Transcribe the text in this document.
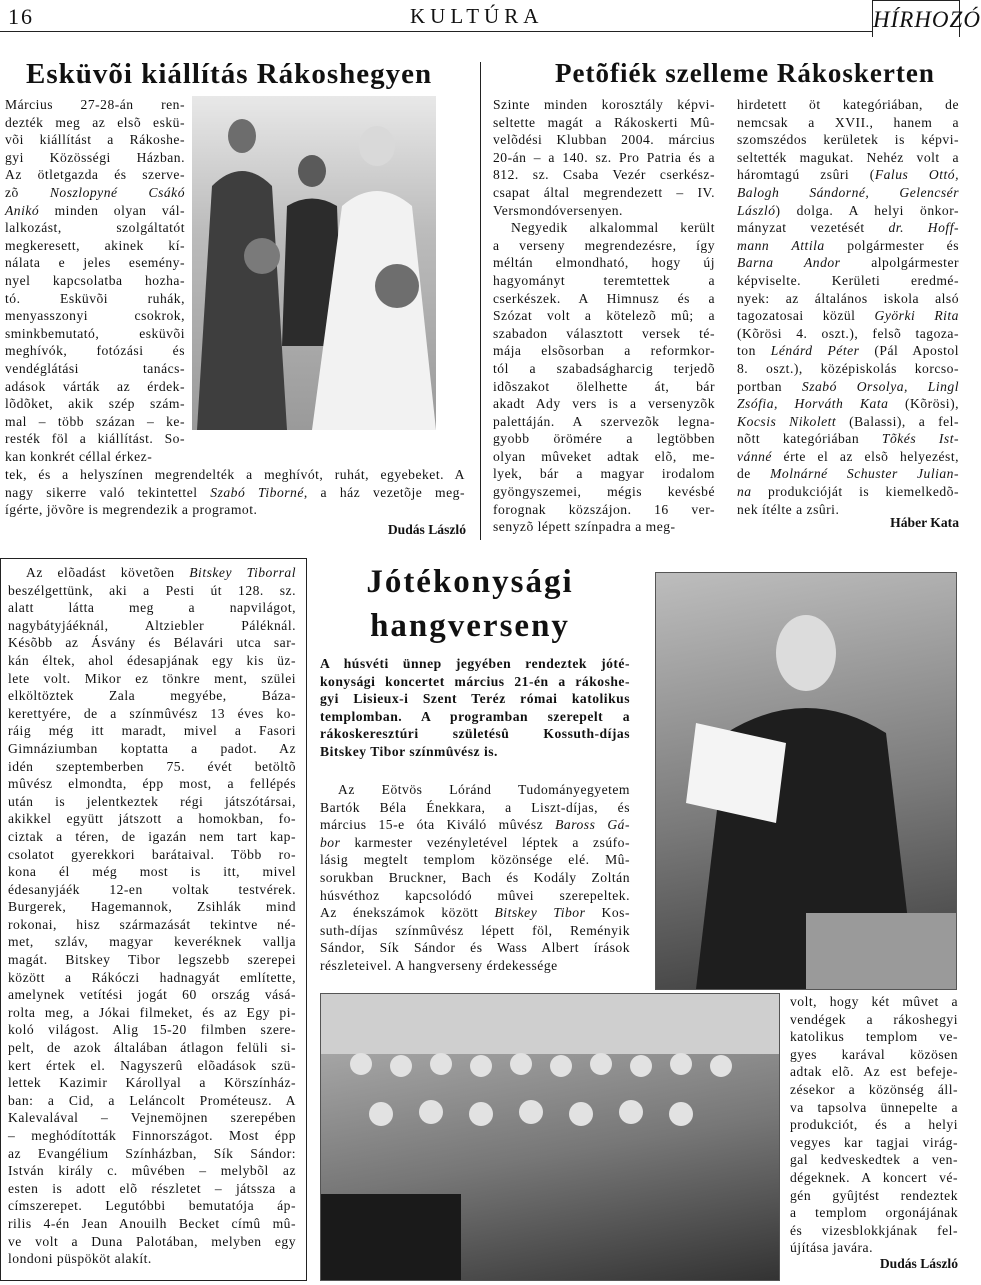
16	KULTÚRA	HÍRHOZÓ
Esküvõi kiállítás Rákoshegyen
Március 27-28-án ren-
dezték meg az elsõ eskü-
või kiállítást a Rákoshe-
gyi Közösségi Házban.
Az ötletgazda és szerve-
zõ Noszlopyné Csákó
Anikó minden olyan vál-
lalkozást, szolgáltatót
megkeresett, akinek kí-
nálata e jeles esemény-
nyel kapcsolatba hozha-
tó. Esküvõi ruhák,
menyasszonyi csokrok,
sminkbemutató, esküvõi
meghívók, fotózási és
vendéglátási tanács-
adások várták az érdek-
lõdõket, akik szép szám-
mal – több százan – ke-
resték föl a kiállítást. So-
kan konkrét céllal érkez-
tek, és a helyszínen megrendelték a meghívót, ruhát, egyebeket. A
nagy sikerre való tekintettel Szabó Tiborné, a ház vezetõje meg-
ígérte, jövõre is megrendezik a programot.
Dudás László
Petõfiék szelleme Rákoskerten
Szinte minden korosztály képvi-
seltette magát a Rákoskerti Mû-
velõdési Klubban 2004. március
20-án – a 140. sz. Pro Patria és a
812. sz. Csaba Vezér cserkész-
csapat által megrendezett – IV.
Versmondóversenyen.
Negyedik alkalommal került
a verseny megrendezésre, így
méltán elmondható, hogy új
hagyományt teremtettek a
cserkészek. A Himnusz és a
Szózat volt a kötelezõ mû; a
szabadon választott versek té-
mája elsõsorban a reformkor-
tól a szabadságharcig terjedõ
idõszakot ölelhette át, bár
akadt Ady vers is a versenyzõk
palettáján. A szervezõk legna-
gyobb örömére a legtöbben
olyan mûveket adtak elõ, me-
lyek, bár a magyar irodalom
gyöngyszemei, mégis kevésbé
forognak közszájon. 16 ver-
senyzõ lépett színpadra a meg-
hirdetett öt kategóriában, de
nemcsak a XVII., hanem a
szomszédos kerületek is képvi-
seltették magukat. Nehéz volt a
háromtagú zsûri (Falus Ottó,
Balogh Sándorné, Gelencsér
László) dolga. A helyi önkor-
mányzat vezetését dr. Hoff-
mann Attila polgármester és
Barna Andor alpolgármester
képviselte. Kerületi eredmé-
nyek: az általános iskola alsó
tagozatosai közül Györki Rita
(Kõrösi 4. oszt.), felsõ tagoza-
ton Lénárd Péter (Pál Apostol
8. oszt.), középiskolás korcso-
portban Szabó Orsolya, Lingl
Zsófia, Horváth Kata (Kõrösi),
Kocsis Nikolett (Balassi), a fel-
nõtt kategóriában Tõkés Ist-
vánné érte el az elsõ helyezést,
de Molnárné Schuster Julian-
na produkcióját is kiemelkedõ-
nek ítélte a zsûri.
Háber Kata
Az elõadást követõen Bitskey Tiborral
beszélgettünk, aki a Pesti út 128. sz.
alatt látta meg a napvilágot,
nagybátyjáéknál, Altziebler Páléknál.
Késõbb az Ásvány és Bélavári utca sar-
kán éltek, ahol édesapjának egy kis üz-
lete volt. Mikor ez tönkre ment, szülei
elköltöztek Zala megyébe, Báza-
kerettyére, de a színmûvész 13 éves ko-
ráig még itt maradt, mivel a Fasori
Gimnáziumban koptatta a padot. Az
idén szeptemberben 75. évét betöltõ
mûvész elmondta, épp most, a fellépés
után is jelentkeztek régi játszótársai,
akikkel együtt játszott a homokban, fo-
ciztak a téren, de igazán nem tart kap-
csolatot gyerekkori barátaival. Több ro-
kona él még most is itt, mivel
édesanyjáék 12-en voltak testvérek.
Burgerek, Hagemannok, Zsihlák mind
rokonai, hisz származását tekintve né-
met, szláv, magyar keveréknek vallja
magát. Bitskey Tibor legszebb szerepei
között a Rákóczi hadnagyát említette,
amelynek vetítési jogát 60 ország vásá-
rolta meg, a Jókai filmeket, és az Egy pi-
koló világost. Alig 15-20 filmben szere-
pelt, de azok általában átlagon felüli si-
kert értek el. Nagyszerû elõadások szü-
lettek Kazimir Károllyal a Körszínház-
ban: a Cid, a Leláncolt Prométeusz. A
Kalevalával – Vejnemöjnen szerepében
– meghódították Finnországot. Most épp
az Evangélium Színházban, Sík Sándor:
István király c. mûvében – melybõl az
esten is adott elõ részletet – játssza a
címszerepet. Legutóbbi bemutatója áp-
rilis 4-én Jean Anouilh Becket címû mû-
ve volt a Duna Palotában, melyben egy
londoni püspököt alakít.
Jótékonysági
hangverseny
A húsvéti ünnep jegyében rendeztek jóté-
konysági koncertet március 21-én a rákoshe-
gyi Lisieux-i Szent Teréz római katolikus
templomban. A programban szerepelt a
rákoskeresztúri születésû Kossuth-díjas
Bitskey Tibor színmûvész is.
Az Eötvös Lóránd Tudományegyetem
Bartók Béla Énekkara, a Liszt-díjas, és
március 15-e óta Kiváló mûvész Baross Gá-
bor karmester vezényletével léptek a zsúfo-
lásig megtelt templom közönsége elé. Mû-
sorukban Bruckner, Bach és Kodály Zoltán
húsvéthoz kapcsolódó mûvei szerepeltek.
Az énekszámok között Bitskey Tibor Kos-
suth-díjas színmûvész lépett föl, Reményik
Sándor, Sík Sándor és Wass Albert írások
részleteivel. A hangverseny érdekessége
volt, hogy két mûvet a
vendégek a rákoshegyi
katolikus templom ve-
gyes karával közösen
adtak elõ. Az est befeje-
zésekor a közönség áll-
va tapsolva ünnepelte a
produkciót, és a helyi
vegyes kar tagjai virág-
gal kedveskedtek a ven-
dégeknek. A koncert vé-
gén gyûjtést rendeztek
a templom orgonájának
és vizesblokkjának fel-
újítása javára.
Dudás László
